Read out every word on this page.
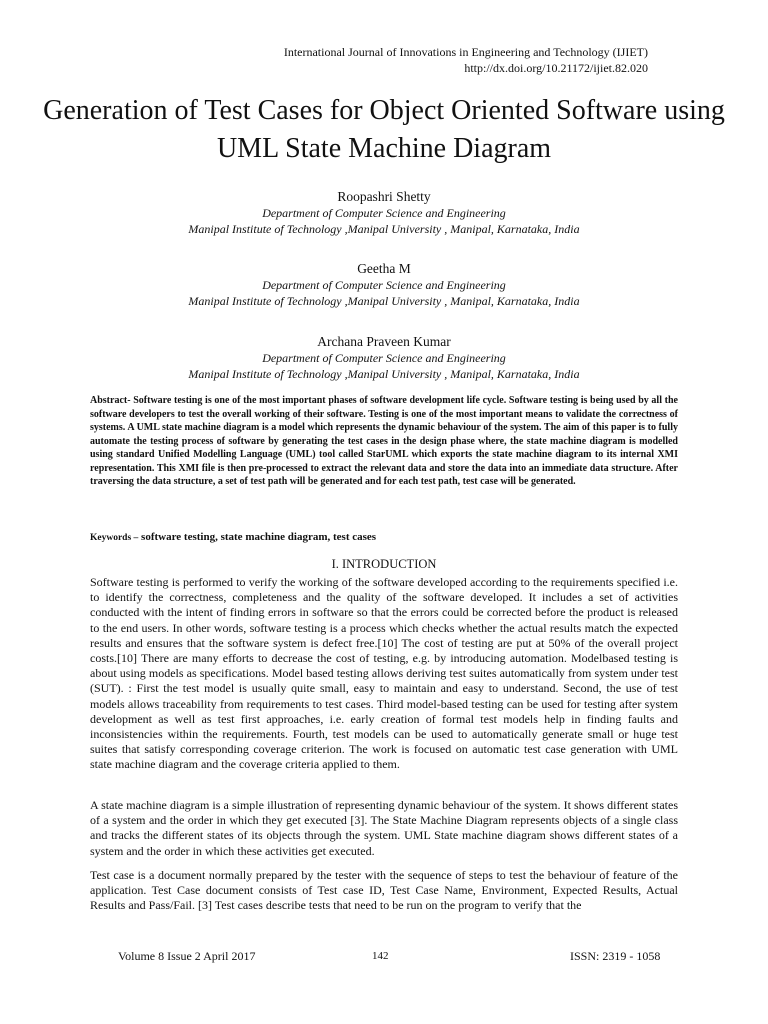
International Journal of Innovations in Engineering and Technology (IJIET)
http://dx.doi.org/10.21172/ijiet.82.020
Generation of Test Cases for Object Oriented Software using UML State Machine Diagram
Roopashri Shetty
Department of Computer Science and Engineering
Manipal Institute of Technology ,Manipal University , Manipal, Karnataka, India
Geetha M
Department of Computer Science and Engineering
Manipal Institute of Technology ,Manipal University , Manipal, Karnataka, India
Archana Praveen Kumar
Department of Computer Science and Engineering
Manipal Institute of Technology ,Manipal University , Manipal, Karnataka, India

Abstract- Software testing is one of the most important phases of software development life cycle. Software testing is being used by all the software developers to test the overall working of their software. Testing is one of the most important means to validate the correctness of systems. A UML state machine diagram is a model which represents the dynamic behaviour of the system. The aim of this paper is to fully automate the testing process of software by generating the test cases in the design phase where, the state machine diagram is modelled using standard Unified Modelling Language (UML) tool called StarUML which exports the state machine diagram to its internal XMI representation. This XMI file is then pre-processed to extract the relevant data and store the data into an immediate data structure. After traversing the data structure, a set of test path will be generated and for each test path, test case will be generated.

Keywords – software testing, state machine diagram, test cases

I. INTRODUCTION

Software testing is performed to verify the working of the software developed according to the requirements specified i.e. to identify the correctness, completeness and the quality of the software developed. It includes a set of activities conducted with the intent of finding errors in software so that the errors could be corrected before the product is released to the end users. In other words, software testing is a process which checks whether the actual results match the expected results and ensures that the software system is defect free.[10] The cost of testing are put at 50% of the overall project costs.[10] There are many efforts to decrease the cost of testing, e.g. by introducing automation. Modelbased testing is about using models as specifications. Model based testing allows deriving test suites automatically from system under test (SUT). : First the test model is usually quite small, easy to maintain and easy to understand. Second, the use of test models allows traceability from requirements to test cases. Third model-based testing can be used for testing after system development as well as test first approaches, i.e. early creation of formal test models help in finding faults and inconsistencies within the requirements. Fourth, test models can be used to automatically generate small or huge test suites that satisfy corresponding coverage criterion. The work is focused on automatic test case generation with UML state machine diagram and the coverage criteria applied to them.

A state machine diagram is a simple illustration of representing dynamic behaviour of the system. It shows different states of a system and the order in which they get executed [3]. The State Machine Diagram represents objects of a single class and tracks the different states of its objects through the system. UML State machine diagram shows different states of a system and the order in which these activities get executed.

Test case is a document normally prepared by the tester with the sequence of steps to test the behaviour of feature of the application. Test Case document consists of Test case ID, Test Case Name, Environment, Expected Results, Actual Results and Pass/Fail. [3] Test cases describe tests that need to be run on the program to verify that the

Volume 8 Issue 2 April 2017	142	ISSN: 2319 - 1058
